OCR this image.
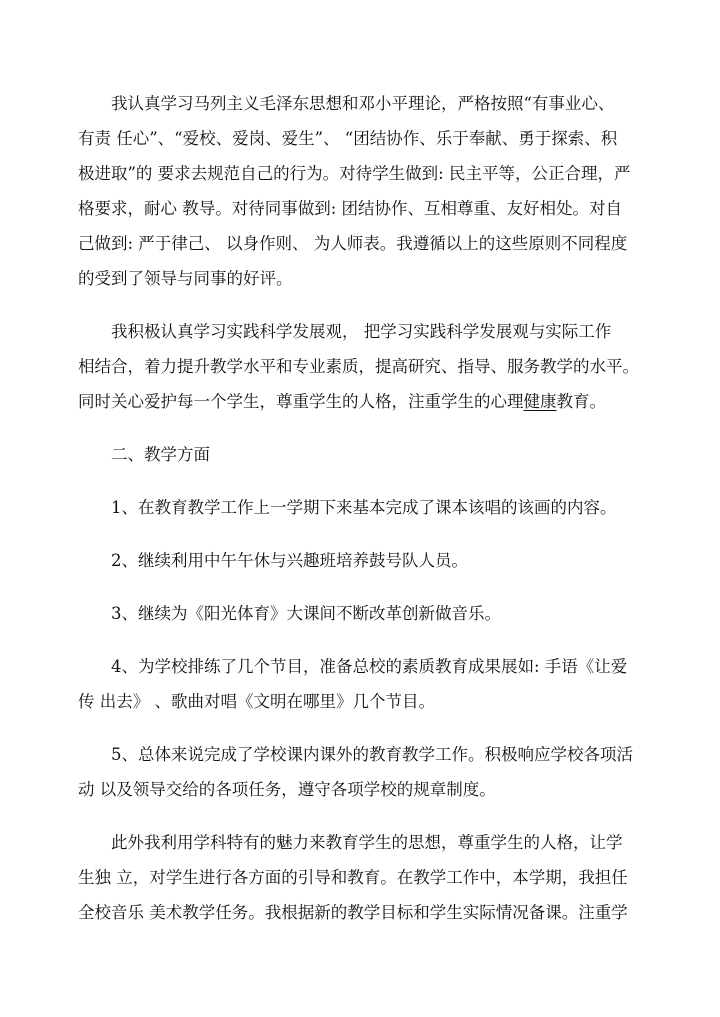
我认真学习马列主义毛泽东思想和邓小平理论，严格按照“有事业心、
有责 任心”、“爱校、爱岗、爱生”、 “团结协作、乐于奉献、勇于探索、积
极进取”的 要求去规范自己的行为。对待学生做到: 民主平等，公正合理，严
格要求，耐心 教导。对待同事做到: 团结协作、互相尊重、友好相处。对自
己做到: 严于律己、 以身作则、 为人师表。我遵循以上的这些原则不同程度
的受到了领导与同事的好评。

我积极认真学习实践科学发展观， 把学习实践科学发展观与实际工作
相结合，着力提升教学水平和专业素质，提高研究、指导、服务教学的水平。
同时关心爱护每一个学生，尊重学生的人格，注重学生的心理健康教育。

二、教学方面

1、在教育教学工作上一学期下来基本完成了课本该唱的该画的内容。

2、继续利用中午午休与兴趣班培养鼓号队人员。

3、继续为《阳光体育》大课间不断改革创新做音乐。

4、为学校排练了几个节目，准备总校的素质教育成果展如: 手语《让爱
传 出去》 、歌曲对唱《文明在哪里》几个节目。

5、总体来说完成了学校课内课外的教育教学工作。积极响应学校各项活
动 以及领导交给的各项任务，遵守各项学校的规章制度。

此外我利用学科特有的魅力来教育学生的思想，尊重学生的人格，让学
生独 立，对学生进行各方面的引导和教育。在教学工作中，本学期，我担任
全校音乐 美术教学任务。我根据新的教学目标和学生实际情况备课。注重学
